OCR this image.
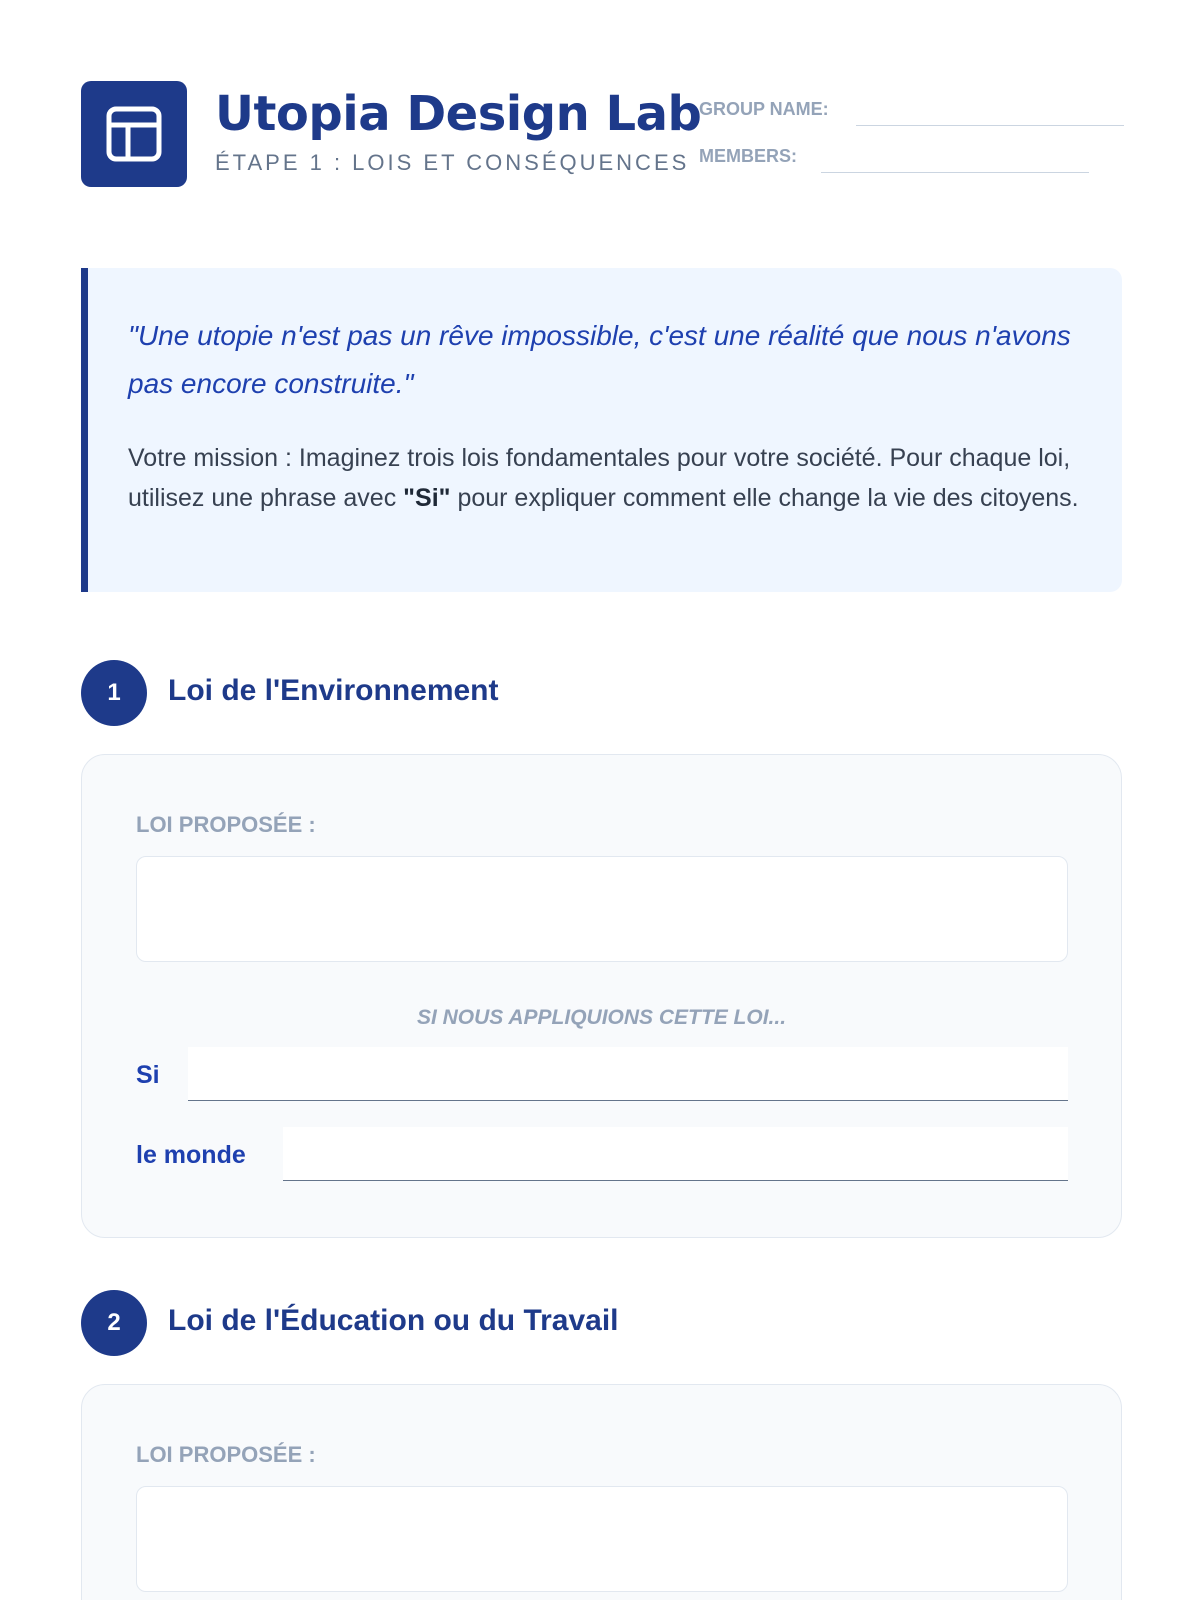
Utopia Design Lab
ÉTAPE 1 : LOIS ET CONSÉQUENCES
GROUP NAME:
MEMBERS:
"Une utopie n'est pas un rêve impossible, c'est une réalité que nous n'avons pas encore construite."
Votre mission : Imaginez trois lois fondamentales pour votre société. Pour chaque loi, utilisez une phrase avec "Si" pour expliquer comment elle change la vie des citoyens.
1	Loi de l'Environnement
LOI PROPOSÉE :
SI NOUS APPLIQUIONS CETTE LOI...
Si
le monde
2	Loi de l'Éducation ou du Travail
LOI PROPOSÉE :
